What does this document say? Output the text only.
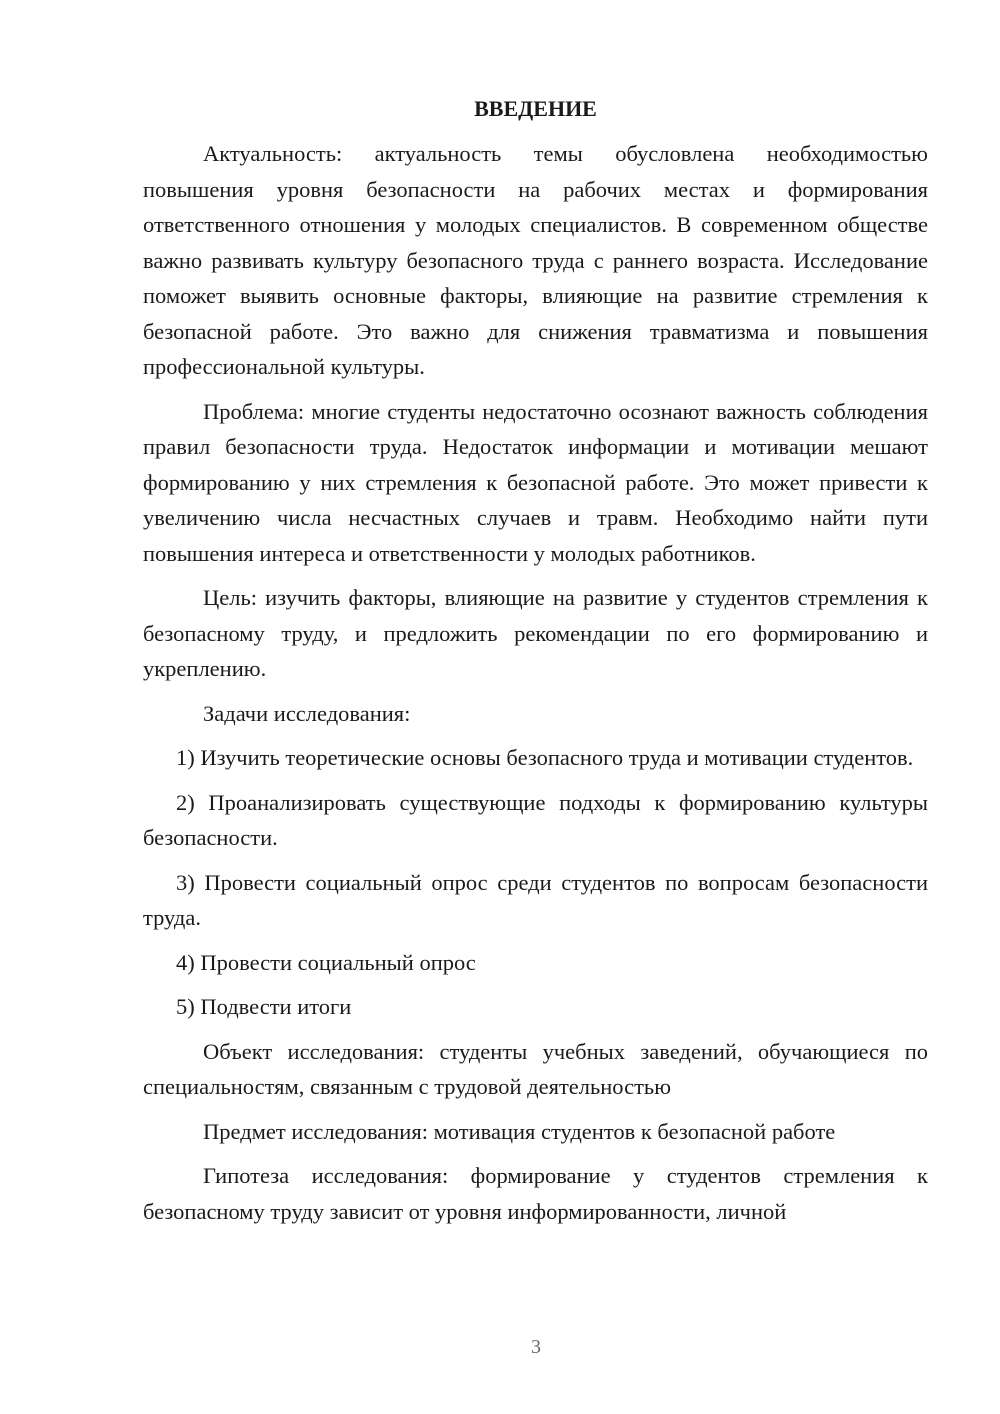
ВВЕДЕНИЕ

Актуальность: актуальность темы обусловлена необходимостью повышения уровня безопасности на рабочих местах и формирования ответственного отношения у молодых специалистов. В современном обществе важно развивать культуру безопасного труда с раннего возраста. Исследование поможет выявить основные факторы, влияющие на развитие стремления к безопасной работе. Это важно для снижения травматизма и повышения профессиональной культуры.

Проблема: многие студенты недостаточно осознают важность соблюдения правил безопасности труда. Недостаток информации и мотивации мешают формированию у них стремления к безопасной работе. Это может привести к увеличению числа несчастных случаев и травм. Необходимо найти пути повышения интереса и ответственности у молодых работников.

Цель: изучить факторы, влияющие на развитие у студентов стремления к безопасному труду, и предложить рекомендации по его формированию и укреплению.

Задачи исследования:

1) Изучить теоретические основы безопасного труда и мотивации студентов.

2) Проанализировать существующие подходы к формированию культуры безопасности.

3) Провести социальный опрос среди студентов по вопросам безопасности труда.

4) Провести социальный опрос

5) Подвести итоги

Объект исследования: студенты учебных заведений, обучающиеся по специальностям, связанным с трудовой деятельностью

Предмет исследования: мотивация студентов к безопасной работе

Гипотеза исследования: формирование у студентов стремления к безопасному труду зависит от уровня информированности, личной

3
